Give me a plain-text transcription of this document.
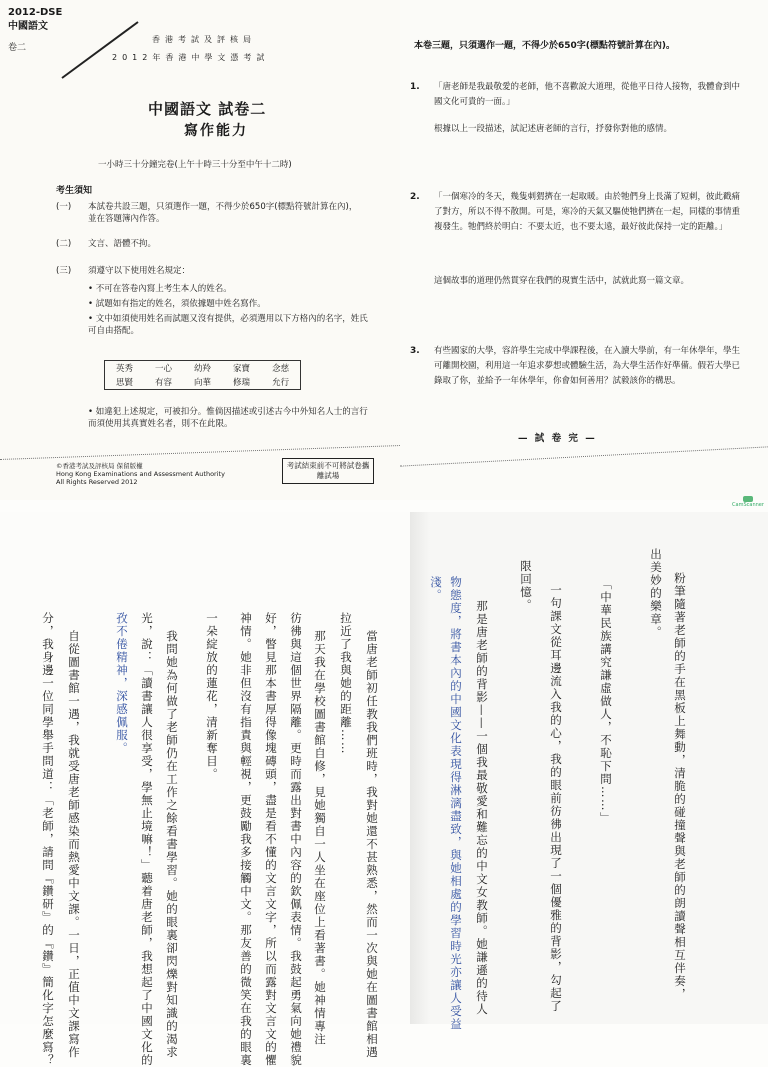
2012-DSE
中國語文
卷二
香港考試及評核局
2012年香港中學文憑考試
中國語文 試卷二
寫作能力
一小時三十分鐘完卷(上午十時三十分至中午十二時)
考生須知
(一) 本試卷共設三題，只須選作一題，不得少於650字(標點符號計算在內)，並在答題簿內作答。
(二) 文言、語體不拘。
(三) 須遵守以下使用姓名規定：
• 不可在答卷內寫上考生本人的姓名。
• 試題如有指定的姓名，須依據題中姓名寫作。
• 文中如須使用姓名而試題又沒有提供，必須選用以下方格內的名字，姓氏可自由搭配。
英秀	一心	幼羚	家寶	念慈
思賢	有容	向華	修瑞	允行
• 如違犯上述規定，可被扣分。惟倘因描述或引述古今中外知名人士的言行而須使用其真實姓名者，則不在此限。
©香港考試及評核局 保留版權
Hong Kong Examinations and Assessment Authority
All Rights Reserved 2012
考試結束前不可將試卷攜離試場
本卷三題，只須選作一題，不得少於650字(標點符號計算在內)。
1. 「唐老師是我最敬愛的老師，他不喜歡說大道理，從他平日待人接物，我體會到中國文化可貴的一面。」
根據以上一段描述，試記述唐老師的言行，抒發你對他的感情。
2. 「一個寒冷的冬天，幾隻刺猬擠在一起取暖。由於牠們身上長滿了短刺，彼此戳痛了對方，所以不得不散開。可是，寒冷的天氣又驅使牠們擠在一起，同樣的事情重複發生。牠們終於明白：不要太近，也不要太遠，最好彼此保持一定的距離。」
這個故事的道理仍然貫穿在我們的現實生活中，試就此寫一篇文章。
3. 有些國家的大學，容許學生完成中學課程後，在入讀大學前，有一年休學年，學生可離開校園，利用這一年追求夢想或體驗生活，為大學生活作好準備。假若大學已錄取了你，並給予一年休學年，你會如何善用？試毅該你的構思。
— 試 卷 完 —
CamScanner
當唐老師初任教我們班時，我對她還不甚熟悉，然而一次與她在圖書館相遇
拉近了我與她的距離……
那天我在學校圖書館自修，見她獨自一人坐在座位上看著書。她神情專注
彷彿與這個世界隔離。更時而露出對書中內容的欽佩表情。我鼓起勇氣向她禮貌
好，瞥見那本書厚得像塊磚頭，盡是看不懂的文言文字，所以而露對文言文的懼
神情。她非但沒有指責與輕視，更鼓勵我多接觸中文。那友善的微笑在我的眼裏
一朵綻放的蓮花，清新奪目。
我問她為何做了老師仍在工作之餘看書學習。她的眼裏卻閃爍對知識的渴求
光，說：「讀書讓人很享受，學無止境嘛！」聽着唐老師，我想起了中國文化的
孜不倦精神，深感佩服。
自從圖書館一遇，我就受唐老師感染而熱愛中文課。一日，正值中文課寫作
分，我身邊一位同學舉手問道：「老師，請問『鑽研』的『鑽』簡化字怎麼寫？	粉筆隨著老師的手在黑板上舞動，清脆的碰撞聲與老師的朗讀聲相互伴奏，
出美妙的樂章。
「中華民族講究謙虛做人，不恥下問……」
一句課文從耳邊流入我的心，我的眼前彷彿出現了一個優雅的背影，勾起了
限回憶。
那是唐老師的背影——一個我最敬愛和難忘的中文女教師。她謙遜的待人
物態度，將書本內的中國文化表現得淋漓盡致，與她相處的學習時光亦讓人受益
淺。
